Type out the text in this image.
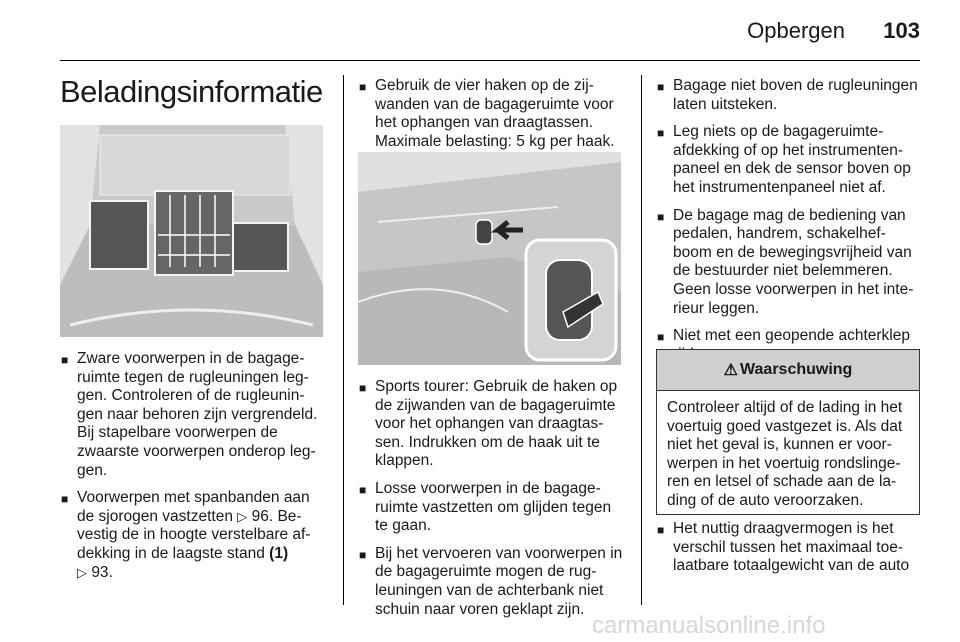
Opbergen	103
Beladingsinformatie
■ Zware voorwerpen in de bagage-ruimte tegen de rugleuningen leg-gen. Controleren of de rugleunin-gen naar behoren zijn vergrendeld. Bij stapelbare voorwerpen de zwaarste voorwerpen onderop leg-gen.
■ Voorwerpen met spanbanden aan de sjorogen vastzetten ▷ 96. Be-vestig de in hoogte verstelbare af-dekking in de laagste stand (1)
▷ 93.
■ Gebruik de vier haken op de zij-wanden van de bagageruimte voor het ophangen van draagtassen. Maximale belasting: 5 kg per haak.
■ Sports tourer: Gebruik de haken op de zijwanden van de bagageruimte voor het ophangen van draagtas-sen. Indrukken om de haak uit te klappen.
■ Losse voorwerpen in de bagage-ruimte vastzetten om glijden tegen te gaan.
■ Bij het vervoeren van voorwerpen in de bagageruimte mogen de rug-leuningen van de achterbank niet schuin naar voren geklapt zijn.
■ Bagage niet boven de rugleuningen laten uitsteken.
■ Leg niets op de bagageruimte-afdekking of op het instrumenten-paneel en dek de sensor boven op het instrumentenpaneel niet af.
■ De bagage mag de bediening van pedalen, handrem, schakelhef-boom en de bewegingsvrijheid van de bestuurder niet belemmeren. Geen losse voorwerpen in het inte-rieur leggen.
■ Niet met een geopende achterklep
⚠ Waarschuwing
Controleer altijd of de lading in het voertuig goed vastgezet is. Als dat niet het geval is, kunnen er voor-werpen in het voertuig rondslinge-ren en letsel of schade aan de la-ding of de auto veroorzaken.
■ Het nuttig draagvermogen is het verschil tussen het maximaal toe-laatbare totaalgewicht van de auto
carmanualsonline.info
